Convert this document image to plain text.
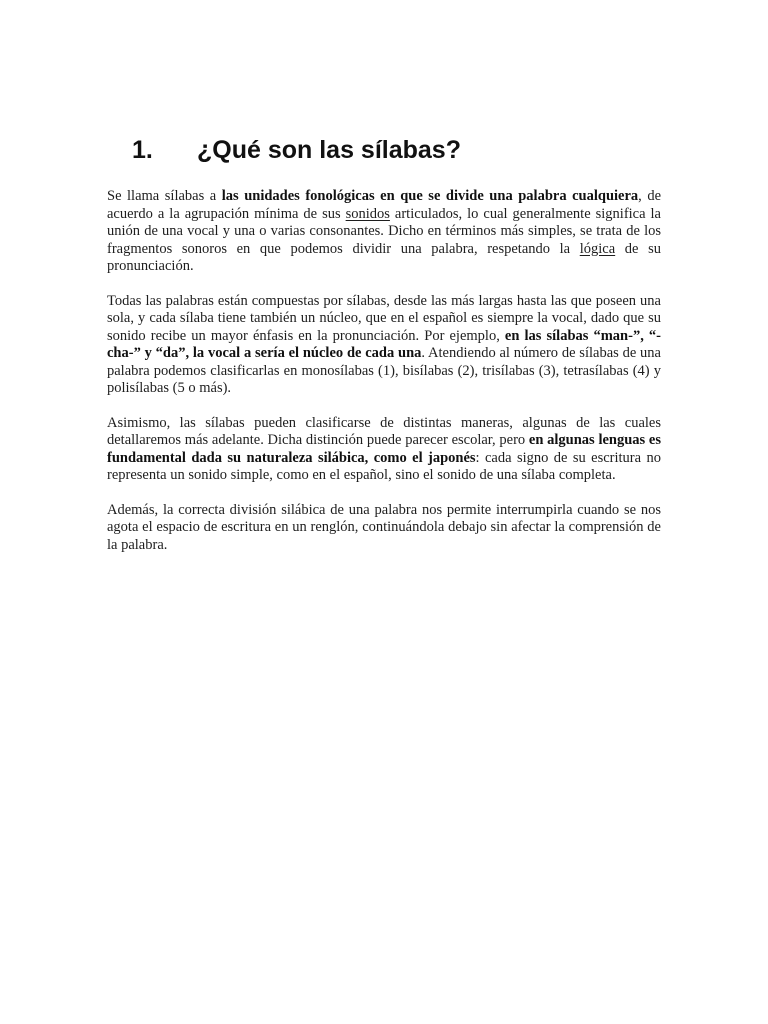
1. ¿Qué son las sílabas?

Se llama sílabas a las unidades fonológicas en que se divide una palabra cualquiera, de acuerdo a la agrupación mínima de sus sonidos articulados, lo cual generalmente significa la unión de una vocal y una o varias consonantes. Dicho en términos más simples, se trata de los fragmentos sonoros en que podemos dividir una palabra, respetando la lógica de su pronunciación.

Todas las palabras están compuestas por sílabas, desde las más largas hasta las que poseen una sola, y cada sílaba tiene también un núcleo, que en el español es siempre la vocal, dado que su sonido recibe un mayor énfasis en la pronunciación. Por ejemplo, en las sílabas “man-”, “-cha-” y “da”, la vocal a sería el núcleo de cada una. Atendiendo al número de sílabas de una palabra podemos clasificarlas en monosílabas (1), bisílabas (2), trisílabas (3), tetrasílabas (4) y polisílabas (5 o más).

Asimismo, las sílabas pueden clasificarse de distintas maneras, algunas de las cuales detallaremos más adelante. Dicha distinción puede parecer escolar, pero en algunas lenguas es fundamental dada su naturaleza silábica, como el japonés: cada signo de su escritura no representa un sonido simple, como en el español, sino el sonido de una sílaba completa.

Además, la correcta división silábica de una palabra nos permite interrumpirla cuando se nos agota el espacio de escritura en un renglón, continuándola debajo sin afectar la comprensión de la palabra.
